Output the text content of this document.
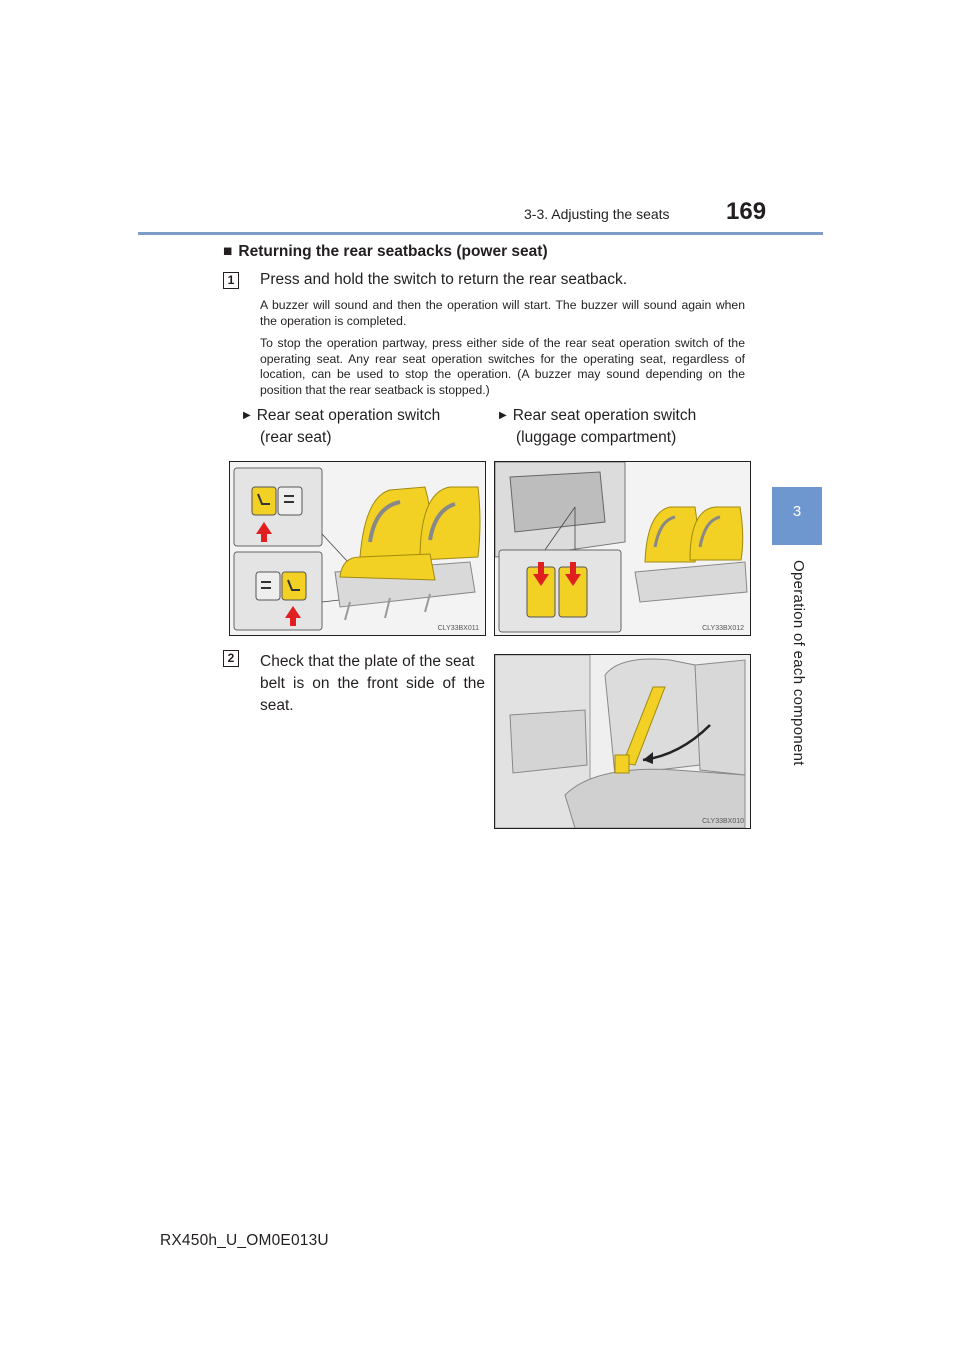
3-3. Adjusting the seats 169
3
Operation of each component
■ Returning the rear seatbacks (power seat)
1	Press and hold the switch to return the rear seatback.
A buzzer will sound and then the operation will start. The buzzer will sound again when the operation is completed.
To stop the operation partway, press either side of the rear seat operation switch of the operating seat. Any rear seat operation switches for the operating seat, regardless of location, can be used to stop the operation. (A buzzer may sound depending on the position that the rear seatback is stopped.)
▶ Rear seat operation switch
(rear seat)
▶ Rear seat operation switch
(luggage compartment)
CLY33BX011	CLY33BX012
2	Check that the plate of the seat
belt is on the front side of the seat.
CLY33BX010
RX450h_U_OM0E013U
